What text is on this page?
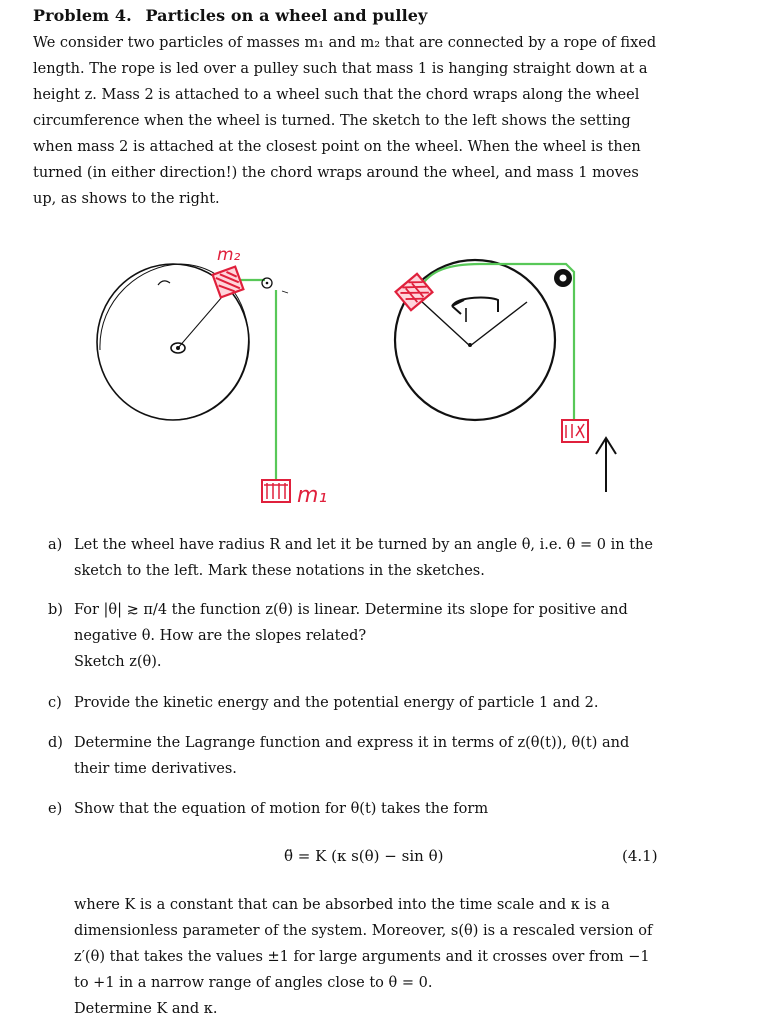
Problem 4. Particles on a wheel and pulley
We consider two particles of masses m₁ and m₂ that are connected by a rope of fixed
length. The rope is led over a pulley such that mass 1 is hanging straight down at a
height z. Mass 2 is attached to a wheel such that the chord wraps along the wheel
circumference when the wheel is turned. The sketch to the left shows the setting
when mass 2 is attached at the closest point on the wheel. When the wheel is then
turned (in either direction!) the chord wraps around the wheel, and mass 1 moves
up, as shows to the right.
m₂
m₁
a) Let the wheel have radius R and let it be turned by an angle θ, i.e. θ = 0 in the
sketch to the left. Mark these notations in the sketches.
b) For |θ| ≳ π/4 the function z(θ) is linear. Determine its slope for positive and
negative θ. How are the slopes related?
Sketch z(θ).
c) Provide the kinetic energy and the potential energy of particle 1 and 2.
d) Determine the Lagrange function and express it in terms of z(θ(t)), θ(t) and
their time derivatives.
e) Show that the equation of motion for θ(t) takes the form
θ̈ = K (κ s(θ) − sin θ)	(4.1)
where K is a constant that can be absorbed into the time scale and κ is a
dimensionless parameter of the system. Moreover, s(θ) is a rescaled version of
z′(θ) that takes the values ±1 for large arguments and it crosses over from −1
to +1 in a narrow range of angles close to θ = 0.
Determine K and κ.
